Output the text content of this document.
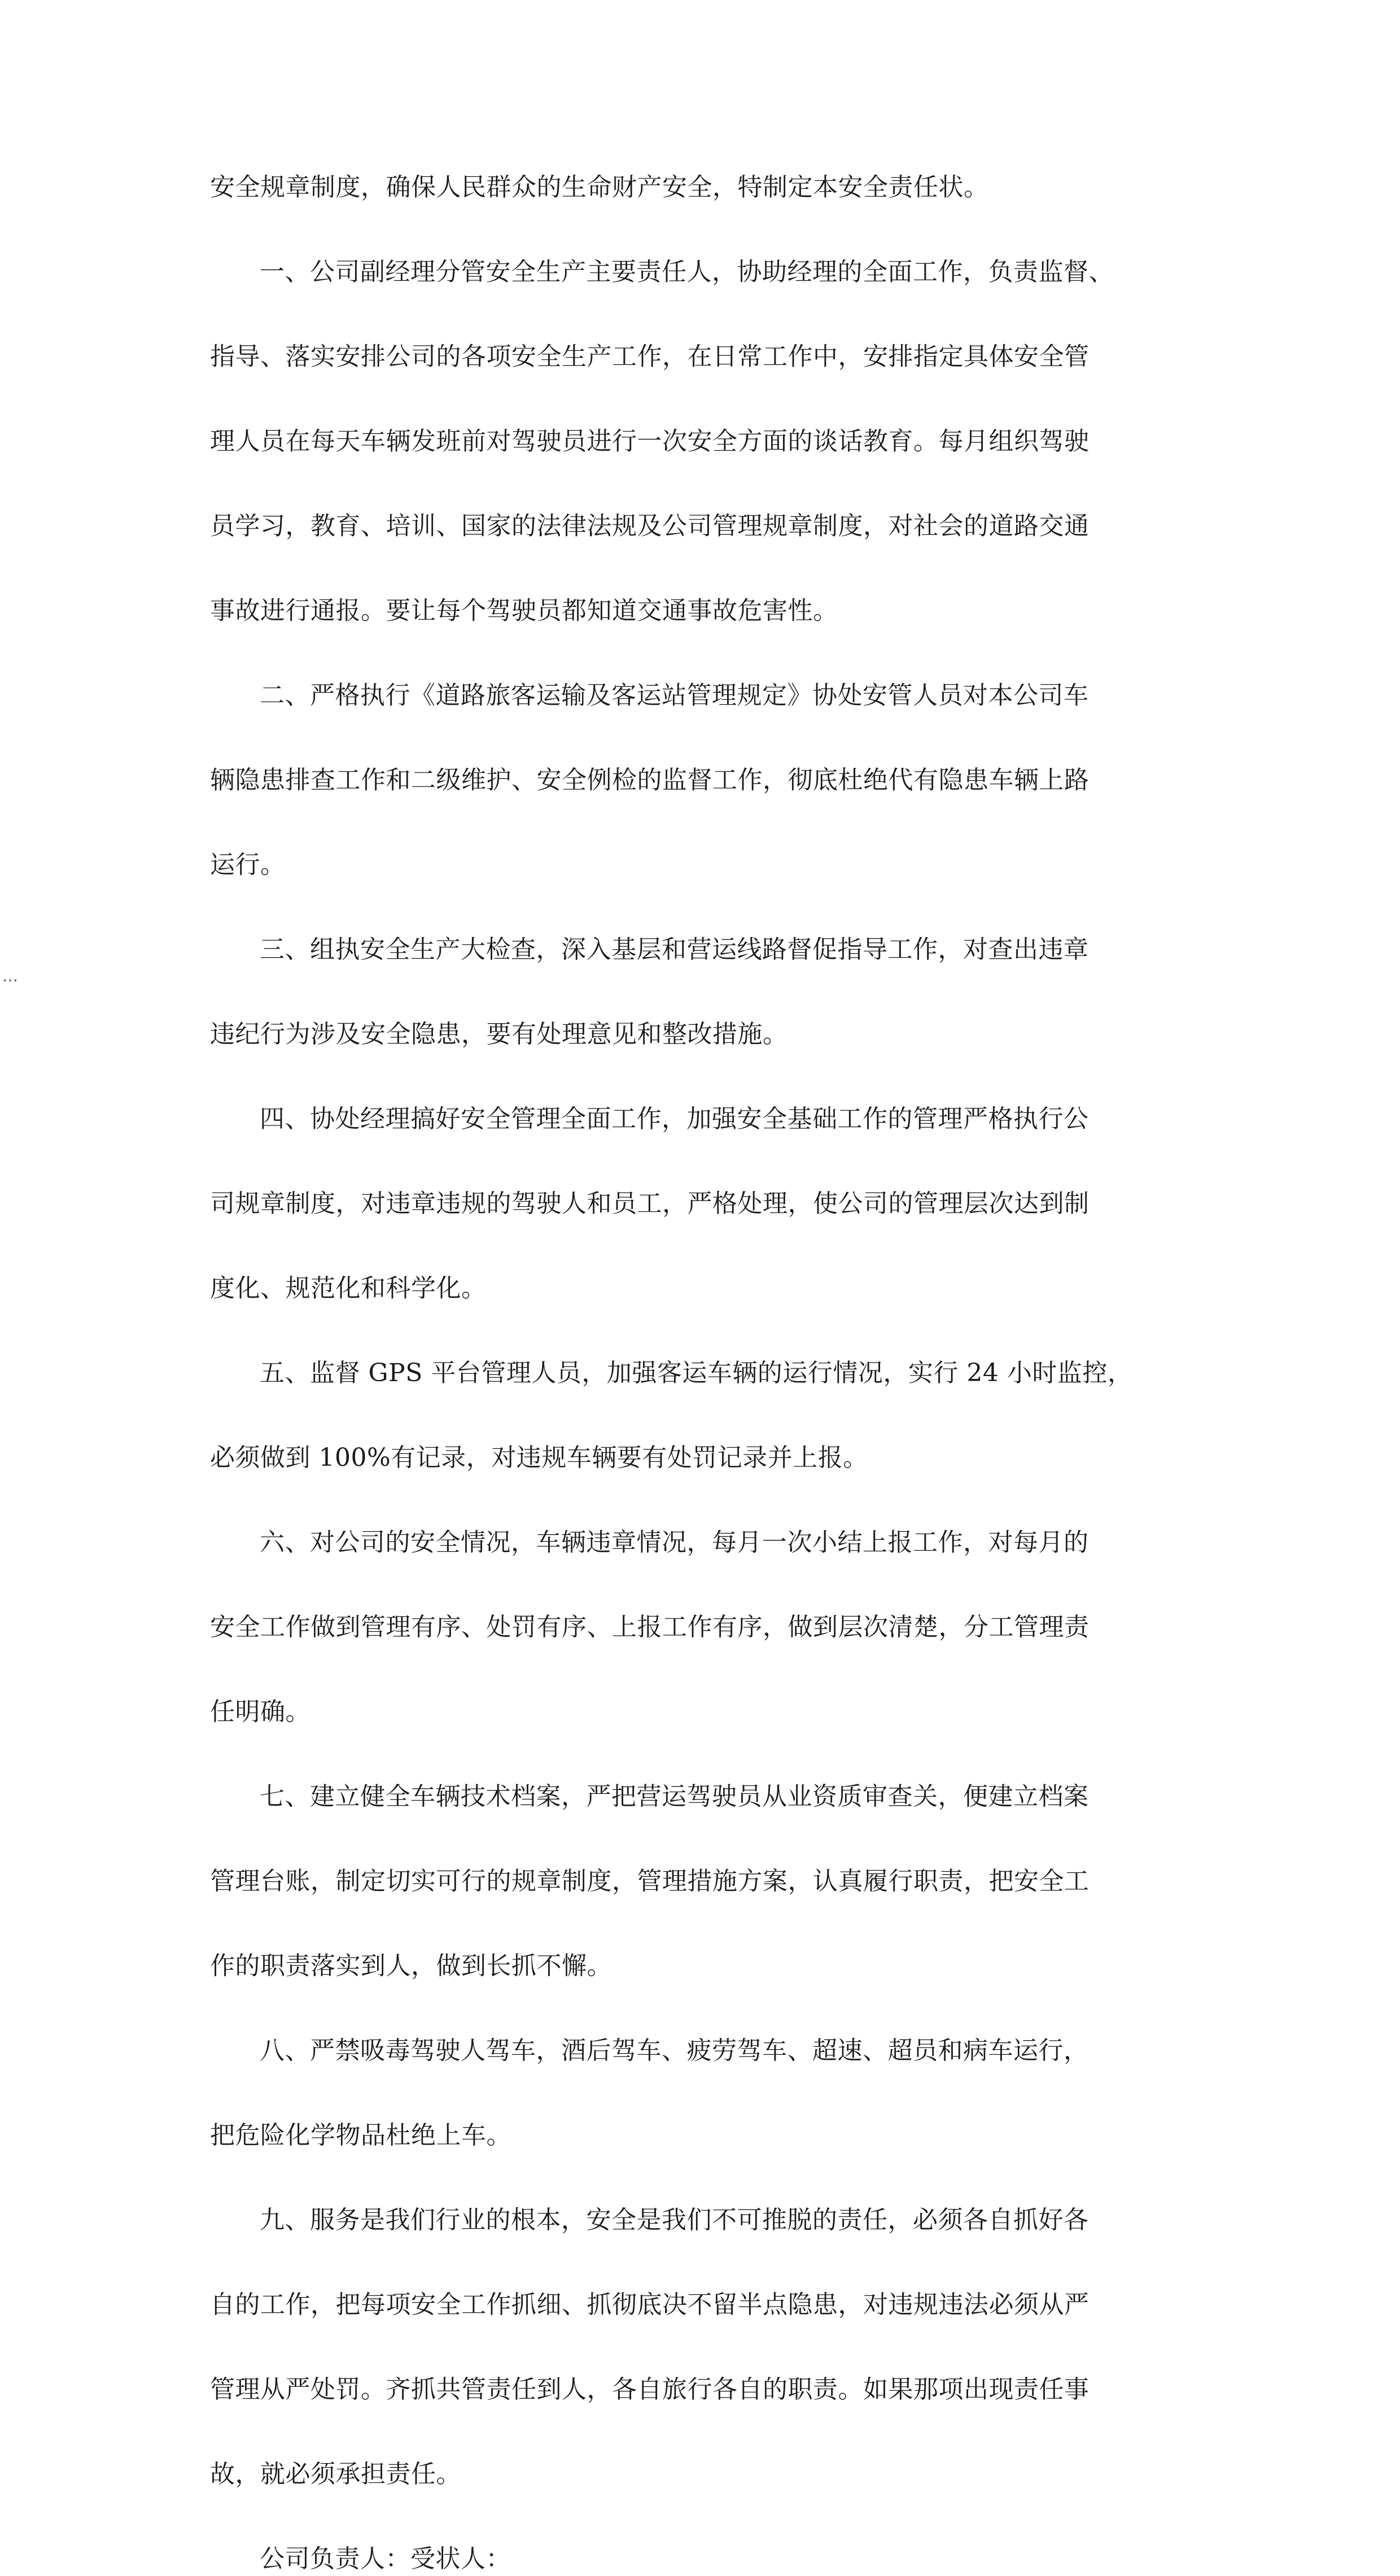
…

安全规章制度，确保人民群众的生命财产安全，特制定本安全责任状。

一、公司副经理分管安全生产主要责任人，协助经理的全面工作，负责监督、

指导、落实安排公司的各项安全生产工作，在日常工作中，安排指定具体安全管

理人员在每天车辆发班前对驾驶员进行一次安全方面的谈话教育。每月组织驾驶

员学习，教育、培训、国家的法律法规及公司管理规章制度，对社会的道路交通

事故进行通报。要让每个驾驶员都知道交通事故危害性。

二、严格执行《道路旅客运输及客运站管理规定》协处安管人员对本公司车

辆隐患排查工作和二级维护、安全例检的监督工作，彻底杜绝代有隐患车辆上路

运行。

三、组执安全生产大检查，深入基层和营运线路督促指导工作，对查出违章

违纪行为涉及安全隐患，要有处理意见和整改措施。

四、协处经理搞好安全管理全面工作，加强安全基础工作的管理严格执行公

司规章制度，对违章违规的驾驶人和员工，严格处理，使公司的管理层次达到制

度化、规范化和科学化。

五、监督 GPS 平台管理人员，加强客运车辆的运行情况，实行 24 小时监控，

必须做到 100%有记录，对违规车辆要有处罚记录并上报。

六、对公司的安全情况，车辆违章情况，每月一次小结上报工作，对每月的

安全工作做到管理有序、处罚有序、上报工作有序，做到层次清楚，分工管理责

任明确。

七、建立健全车辆技术档案，严把营运驾驶员从业资质审查关，便建立档案

管理台账，制定切实可行的规章制度，管理措施方案，认真履行职责，把安全工

作的职责落实到人，做到长抓不懈。

八、严禁吸毒驾驶人驾车，酒后驾车、疲劳驾车、超速、超员和病车运行，

把危险化学物品杜绝上车。

九、服务是我们行业的根本，安全是我们不可推脱的责任，必须各自抓好各

自的工作，把每项安全工作抓细、抓彻底决不留半点隐患，对违规违法必须从严

管理从严处罚。齐抓共管责任到人，各自旅行各自的职责。如果那项出现责任事

故，就必须承担责任。

公司负责人：受状人：
